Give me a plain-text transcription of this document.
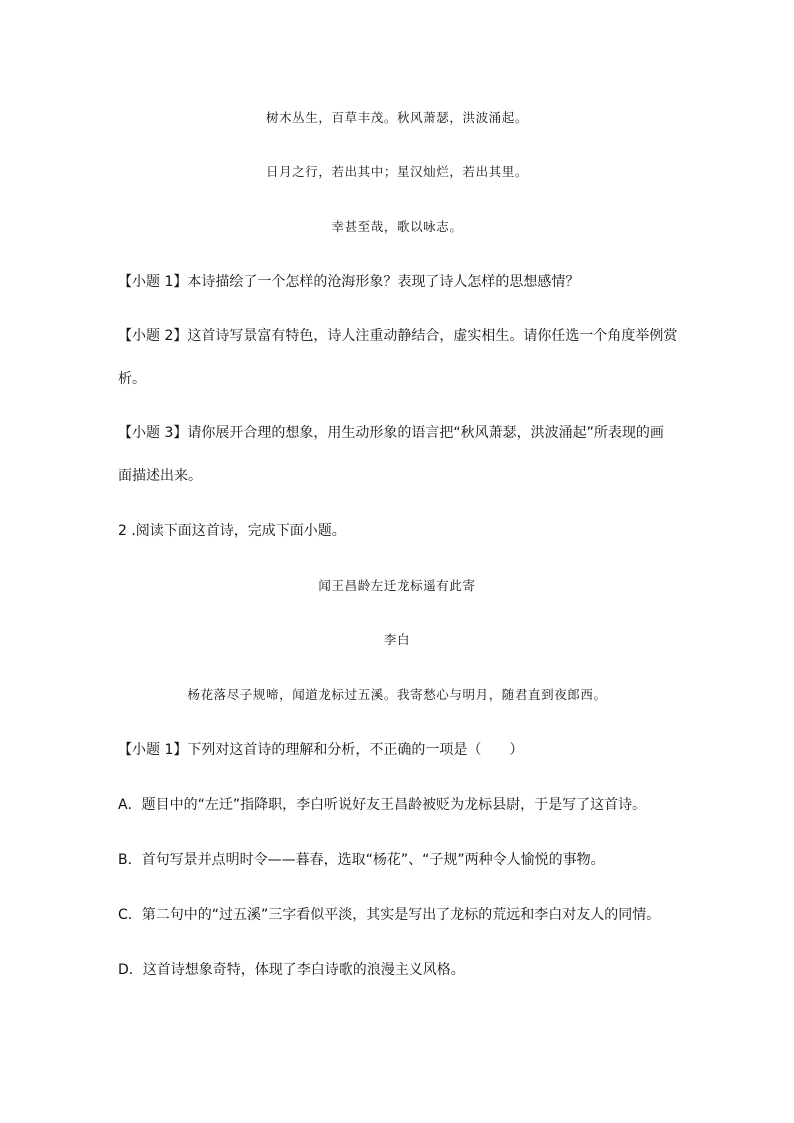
树木丛生，百草丰茂。秋风萧瑟，洪波涌起。
日月之行，若出其中；星汉灿烂，若出其里。
幸甚至哉，歌以咏志。
【小题 1】本诗描绘了一个怎样的沧海形象？表现了诗人怎样的思想感情？
【小题 2】这首诗写景富有特色，诗人注重动静结合，虚实相生。请你任选一个角度举例赏
析。
【小题 3】请你展开合理的想象，用生动形象的语言把“秋风萧瑟，洪波涌起”所表现的画
面描述出来。
2 .阅读下面这首诗，完成下面小题。
闻王昌龄左迁龙标遥有此寄
李白
杨花落尽子规啼，闻道龙标过五溪。我寄愁心与明月，随君直到夜郎西。
【小题 1】下列对这首诗的理解和分析，不正确的一项是（　　）
A．题目中的“左迁”指降职，李白听说好友王昌龄被贬为龙标县尉，于是写了这首诗。
B．首句写景并点明时令——暮春，选取“杨花”、“子规”两种令人愉悦的事物。
C．第二句中的“过五溪”三字看似平淡，其实是写出了龙标的荒远和李白对友人的同情。
D．这首诗想象奇特，体现了李白诗歌的浪漫主义风格。
